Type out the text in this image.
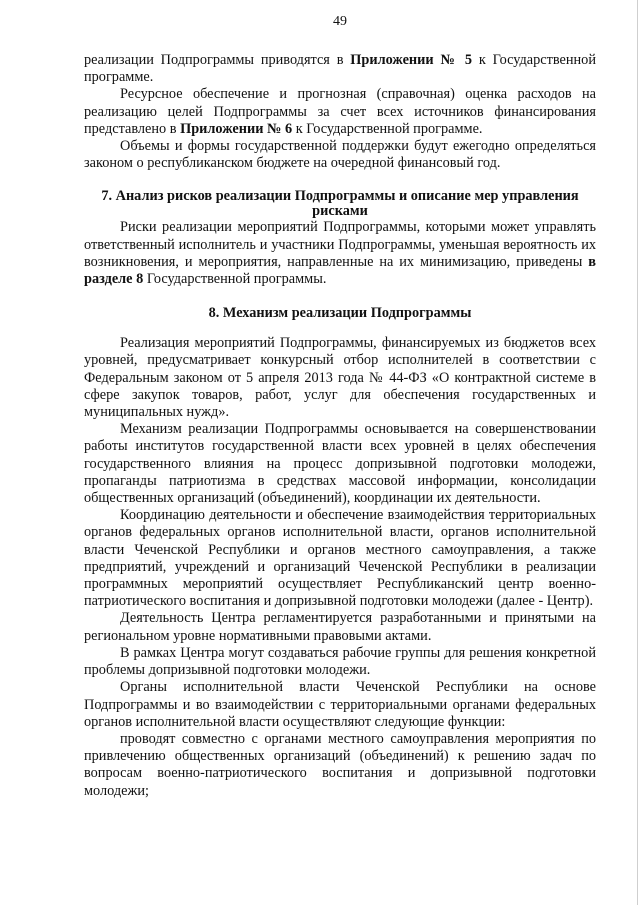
49

реализации Подпрограммы приводятся в Приложении № 5 к Государственной программе.

Ресурсное обеспечение и прогнозная (справочная) оценка расходов на реализацию целей Подпрограммы за счет всех источников финансирования представлено в Приложении № 6 к Государственной программе.

Объемы и формы государственной поддержки будут ежегодно определяться законом о республиканском бюджете на очередной финансовый год.

7. Анализ рисков реализации Подпрограммы и описание мер управления рисками

Риски реализации мероприятий Подпрограммы, которыми может управлять ответственный исполнитель и участники Подпрограммы, уменьшая вероятность их возникновения, и мероприятия, направленные на их минимизацию, приведены в разделе 8 Государственной программы.

8. Механизм реализации Подпрограммы

Реализация мероприятий Подпрограммы, финансируемых из бюджетов всех уровней, предусматривает конкурсный отбор исполнителей в соответствии с Федеральным законом от 5 апреля 2013 года № 44-ФЗ «О контрактной системе в сфере закупок товаров, работ, услуг для обеспечения государственных и муниципальных нужд».

Механизм реализации Подпрограммы основывается на совершенствовании работы институтов государственной власти всех уровней в целях обеспечения государственного влияния на процесс допризывной подготовки молодежи, пропаганды патриотизма в средствах массовой информации, консолидации общественных организаций (объединений), координации их деятельности.

Координацию деятельности и обеспечение взаимодействия территориальных органов федеральных органов исполнительной власти, органов исполнительной власти Чеченской Республики и органов местного самоуправления, а также предприятий, учреждений и организаций Чеченской Республики в реализации программных мероприятий осуществляет Республиканский центр военно-патриотического воспитания и допризывной подготовки молодежи (далее - Центр).

Деятельность Центра регламентируется разработанными и принятыми на региональном уровне нормативными правовыми актами.

В рамках Центра могут создаваться рабочие группы для решения конкретной проблемы допризывной подготовки молодежи.

Органы исполнительной власти Чеченской Республики на основе Подпрограммы и во взаимодействии с территориальными органами федеральных органов исполнительной власти осуществляют следующие функции:

проводят совместно с органами местного самоуправления мероприятия по привлечению общественных организаций (объединений) к решению задач по вопросам военно-патриотического воспитания и допризывной подготовки молодежи;
